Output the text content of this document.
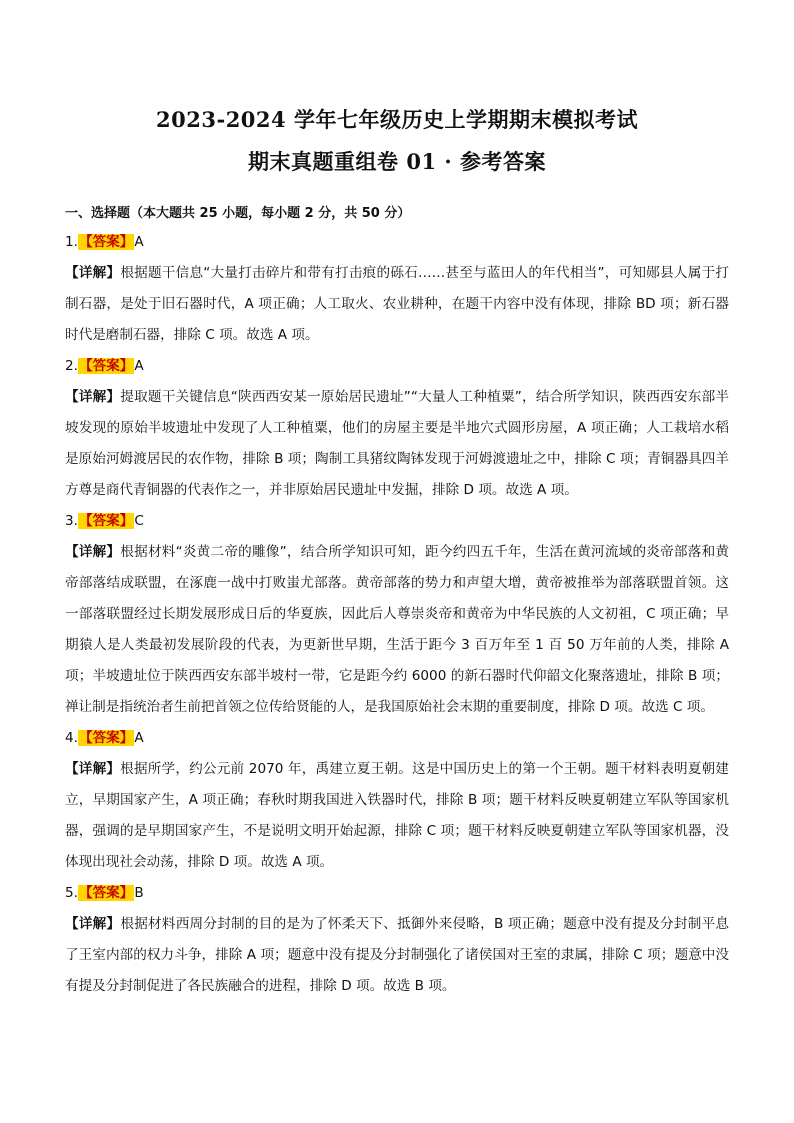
2023-2024 学年七年级历史上学期期末模拟考试
期末真题重组卷 01 · 参考答案
一、选择题（本大题共 25 小题，每小题 2 分，共 50 分）
1.【答案】A
【详解】根据题干信息“大量打击碎片和带有打击痕的砾石……甚至与蓝田人的年代相当”，可知郧县人属于打制石器，是处于旧石器时代，A 项正确；人工取火、农业耕种，在题干内容中没有体现，排除 BD 项；新石器时代是磨制石器，排除 C 项。故选 A 项。
2.【答案】A
【详解】提取题干关键信息“陕西西安某一原始居民遗址”“大量人工种植粟”，结合所学知识，陕西西安东部半坡发现的原始半坡遗址中发现了人工种植粟，他们的房屋主要是半地穴式圆形房屋，A 项正确；人工栽培水稻是原始河姆渡居民的农作物，排除 B 项；陶制工具猪纹陶钵发现于河姆渡遗址之中，排除 C 项；青铜器具四羊方尊是商代青铜器的代表作之一，并非原始居民遗址中发掘，排除 D 项。故选 A 项。
3.【答案】C
【详解】根据材料“炎黄二帝的雕像”，结合所学知识可知，距今约四五千年，生活在黄河流域的炎帝部落和黄帝部落结成联盟，在涿鹿一战中打败蚩尤部落。黄帝部落的势力和声望大增，黄帝被推举为部落联盟首领。这一部落联盟经过长期发展形成日后的华夏族，因此后人尊崇炎帝和黄帝为中华民族的人文初祖，C 项正确；早期猿人是人类最初发展阶段的代表，为更新世早期，生活于距今 3 百万年至 1 百 50 万年前的人类，排除 A 项；半坡遗址位于陕西西安东部半坡村一带，它是距今约 6000 的新石器时代仰韶文化聚落遗址，排除 B 项；禅让制是指统治者生前把首领之位传给贤能的人，是我国原始社会末期的重要制度，排除 D 项。故选 C 项。
4.【答案】A
【详解】根据所学，约公元前 2070 年，禹建立夏王朝。这是中国历史上的第一个王朝。题干材料表明夏朝建立，早期国家产生，A 项正确；春秋时期我国进入铁器时代，排除 B 项；题干材料反映夏朝建立军队等国家机器，强调的是早期国家产生，不是说明文明开始起源，排除 C 项；题干材料反映夏朝建立军队等国家机器，没体现出现社会动荡，排除 D 项。故选 A 项。
5.【答案】B
【详解】根据材料西周分封制的目的是为了怀柔天下、抵御外来侵略，B 项正确；题意中没有提及分封制平息了王室内部的权力斗争，排除 A 项；题意中没有提及分封制强化了诸侯国对王室的隶属，排除 C 项；题意中没有提及分封制促进了各民族融合的进程，排除 D 项。故选 B 项。
